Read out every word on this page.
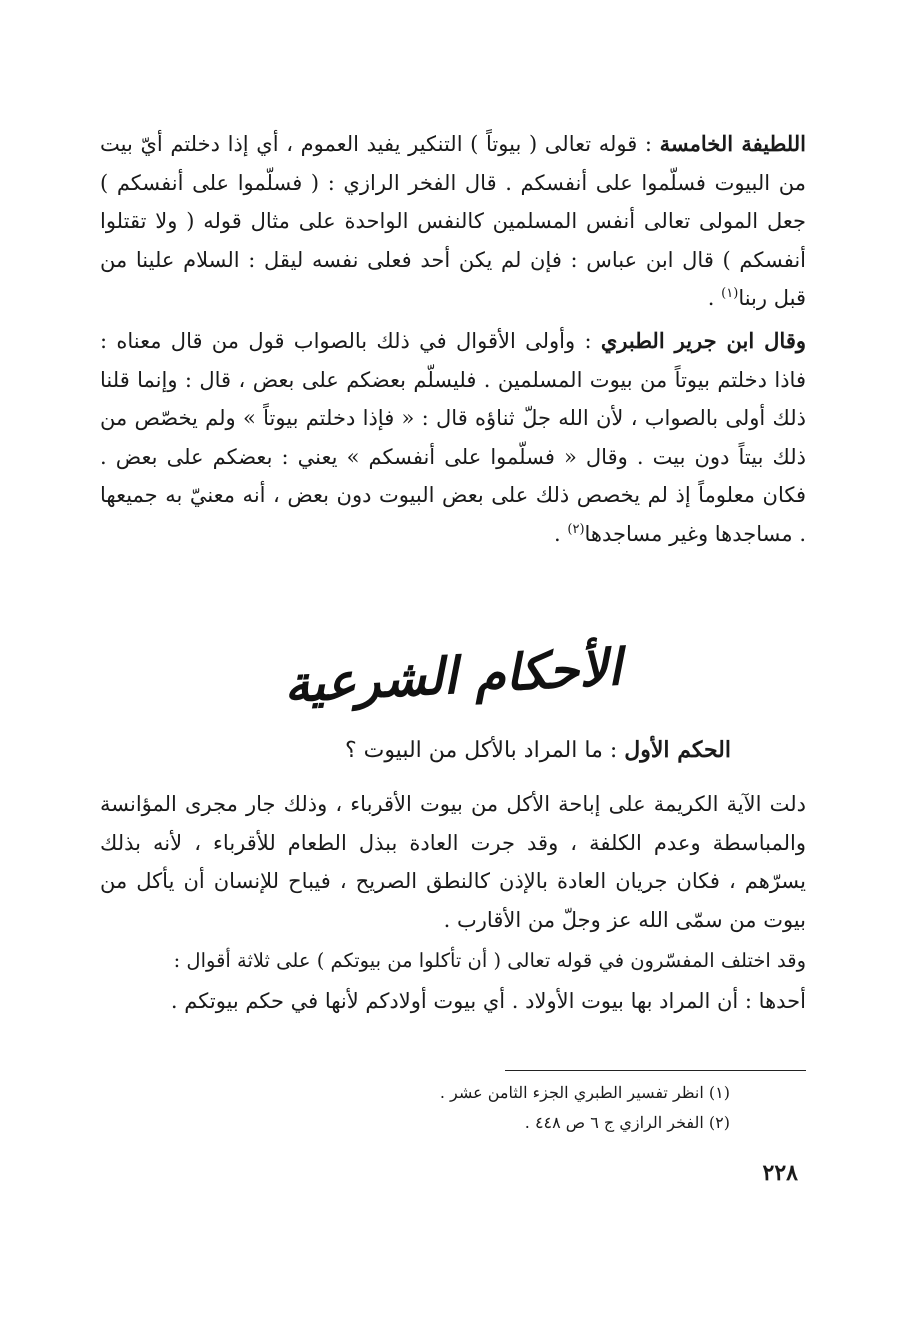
اللطيفة الخامسة : قوله تعالى ( بيوتاً ) التنكير يفيد العموم ، أي إذا دخلتم أيّ بيت من البيوت فسلّموا على أنفسكم . قال الفخر الرازي : ( فسلّموا على أنفسكم ) جعل المولى تعالى أنفس المسلمين كالنفس الواحدة على مثال قوله ( ولا تقتلوا أنفسكم ) قال ابن عباس : فإن لم يكن أحد فعلى نفسه ليقل : السلام علينا من قبل ربنا$^{(١)}$ .
وقال ابن جرير الطبري : وأولى الأقوال في ذلك بالصواب قول من قال معناه : فاذا دخلتم بيوتاً من بيوت المسلمين . فليسلّم بعضكم على بعض ، قال : وإنما قلنا ذلك أولى بالصواب ، لأن الله جلّ ثناؤه قال : « فإذا دخلتم بيوتاً » ولم يخصّص من ذلك بيتاً دون بيت . وقال « فسلّموا على أنفسكم » يعني : بعضكم على بعض . فكان معلوماً إذ لم يخصص ذلك على بعض البيوت دون بعض ، أنه معنيّ به جميعها . مساجدها وغير مساجدها$^{(٢)}$ .
الأحكام الشرعية
الحكم الأول : ما المراد بالأكل من البيوت ؟
دلت الآية الكريمة على إباحة الأكل من بيوت الأقرباء ، وذلك جار مجرى المؤانسة والمباسطة وعدم الكلفة ، وقد جرت العادة ببذل الطعام للأقرباء ، لأنه بذلك يسرّهم ، فكان جريان العادة بالإذن كالنطق الصريح ، فيباح للإنسان أن يأكل من بيوت من سمّى الله عز وجلّ من الأقارب .
وقد اختلف المفسّرون في قوله تعالى ( أن تأكلوا من بيوتكم ) على ثلاثة أقوال :
أحدها : أن المراد بها بيوت الأولاد . أي بيوت أولادكم لأنها في حكم بيوتكم .
(١) انظر تفسير الطبري الجزء الثامن عشر .
(٢) الفخر الرازي ج ٦ ص ٤٤٨ .
٢٢٨
